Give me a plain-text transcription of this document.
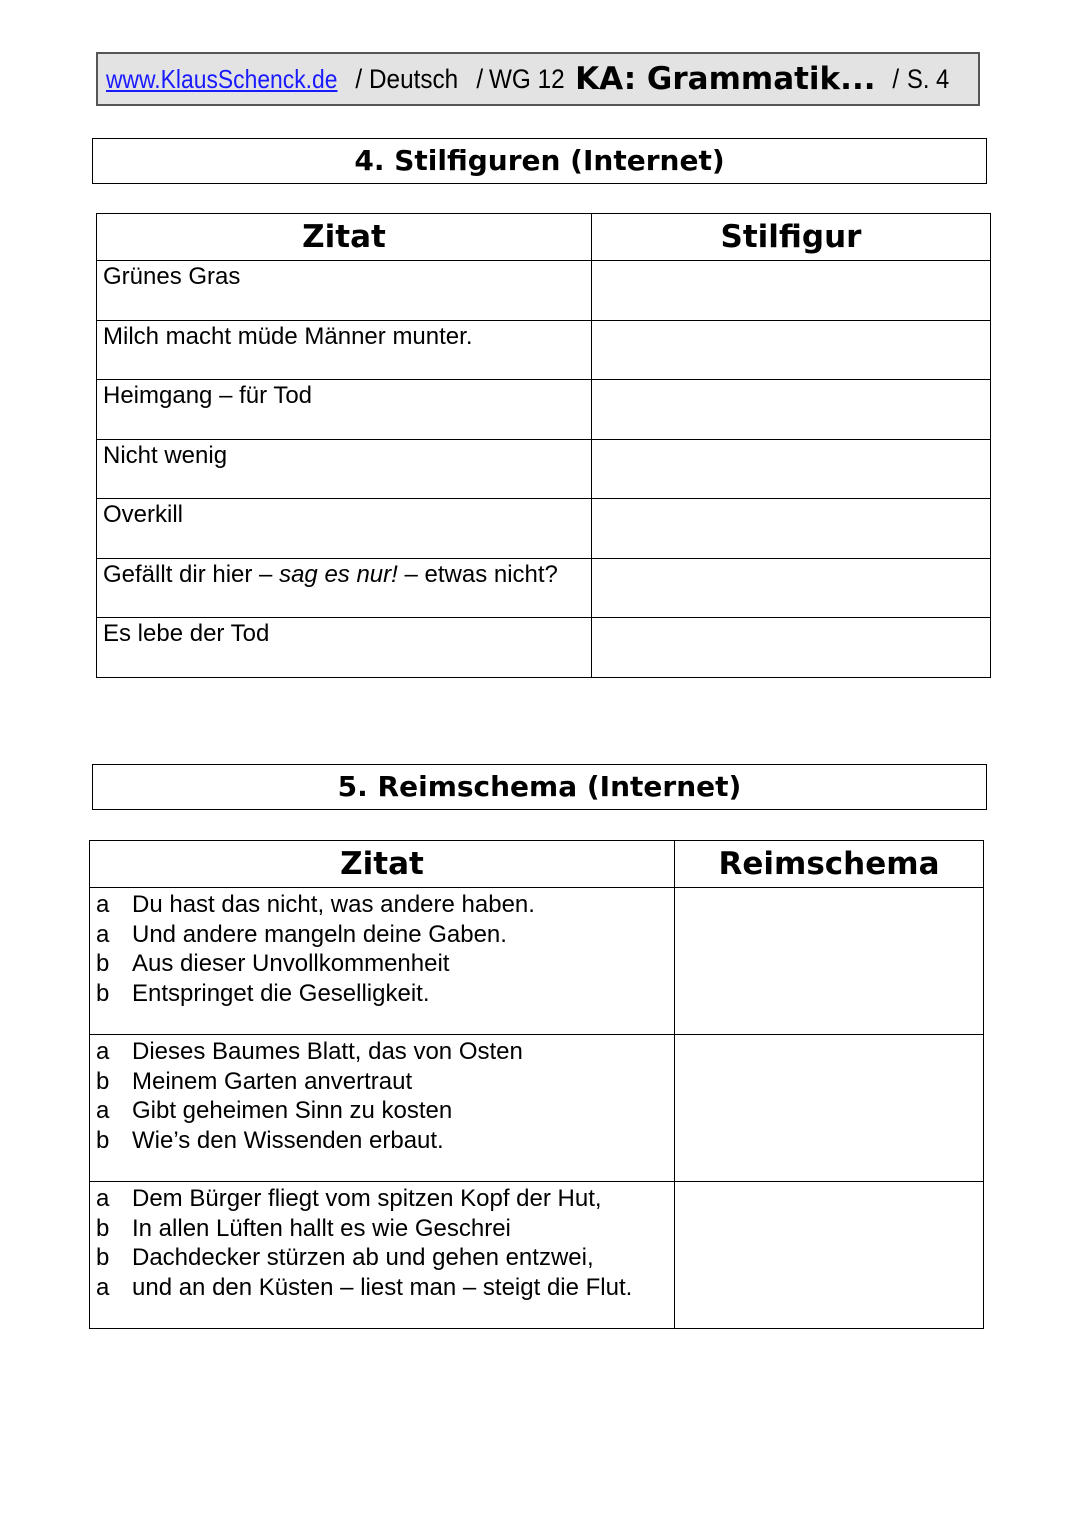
www.KlausSchenck.de / Deutsch / WG 12 KA: Grammatik... / S. 4
4. Stilfiguren (Internet)
Zitat	Stilfigur
Grünes Gras	
Milch macht müde Männer munter.	
Heimgang – für Tod	
Nicht wenig	
Overkill	
Gefällt dir hier – sag es nur! – etwas nicht?	
Es lebe der Tod	
5. Reimschema (Internet)
Zitat	Reimschema

a Du hast das nicht, was andere haben.
a Und andere mangeln deine Gaben.
b Aus dieser Unvollkommenheit
b Entspringet die Geselligkeit.	

a Dieses Baumes Blatt, das von Osten
b Meinem Garten anvertraut
a Gibt geheimen Sinn zu kosten
b Wie’s den Wissenden erbaut.	

a Dem Bürger fliegt vom spitzen Kopf der Hut,
b In allen Lüften hallt es wie Geschrei
b Dachdecker stürzen ab und gehen entzwei,
a und an den Küsten – liest man – steigt die Flut.	
